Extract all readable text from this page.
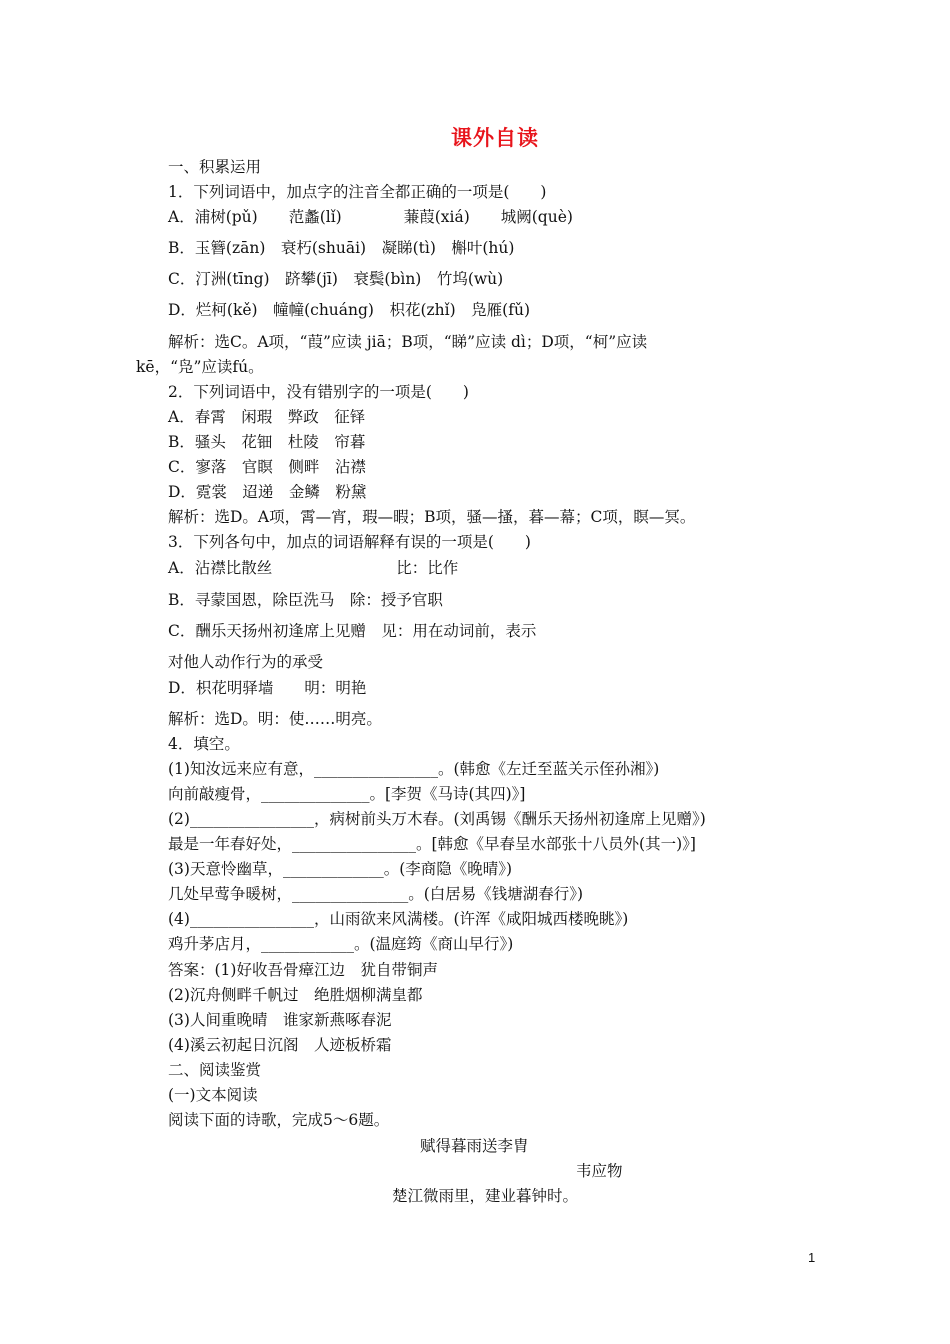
课外自读
一、积累运用
1．下列词语中，加点字的注音全都正确的一项是(　　)
A．浦树(pǔ)　　范蠡(lǐ)　　　　蒹葭(xiá)　　城阙(què)
B．玉簪(zān)　衰朽(shuāi)　凝睇(tì)　槲叶(hú)
C．汀洲(tīng)　跻攀(jī)　衰鬓(bìn)　竹坞(wù)
D．烂柯(kě)　幢幢(chuáng)　枳花(zhǐ)　凫雁(fǔ)
解析：选C。A项，“葭”应读 jiā；B项，“睇”应读 dì；D项，“柯”应读
kē，“凫”应读fú。
2．下列词语中，没有错别字的一项是(　　)
A．春霄　闲瑕　弊政　征铎
B．骚头　花钿　杜陵　帘暮
C．寥落　官瞑　侧畔　沾襟
D．霓裳　迢递　金鳞　粉黛
解析：选D。A项，霄—宵，瑕—暇；B项，骚—搔，暮—幕；C项，瞑—冥。
3．下列各句中，加点的词语解释有误的一项是(　　)
A．沾襟比散丝　　　　　　　　比：比作
B．寻蒙国恩，除臣洗马　除：授予官职
C．酬乐天扬州初逢席上见赠　见：用在动词前，表示
对他人动作行为的承受
D．枳花明驿墙　　明：明艳
解析：选D。明：使……明亮。
4．填空。
(1)知汝远来应有意，________________。(韩愈《左迁至蓝关示侄孙湘》)
向前敲瘦骨，______________。[李贺《马诗(其四)》]
(2)________________，病树前头万木春。(刘禹锡《酬乐天扬州初逢席上见赠》)
最是一年春好处，________________。[韩愈《早春呈水部张十八员外(其一)》]
(3)天意怜幽草，_____________。(李商隐《晚晴》)
几处早莺争暖树，_______________。(白居易《钱塘湖春行》)
(4)________________，山雨欲来风满楼。(许浑《咸阳城西楼晚眺》)
鸡升茅店月，____________。(温庭筠《商山早行》)
答案：(1)好收吾骨瘴江边　犹自带铜声
(2)沉舟侧畔千帆过　绝胜烟柳满皇都
(3)人间重晚晴　谁家新燕啄春泥
(4)溪云初起日沉阁　人迹板桥霜
二、阅读鉴赏
(一)文本阅读
阅读下面的诗歌，完成5～6题。
赋得暮雨送李胄
韦应物
楚江微雨里，建业暮钟时。
1
